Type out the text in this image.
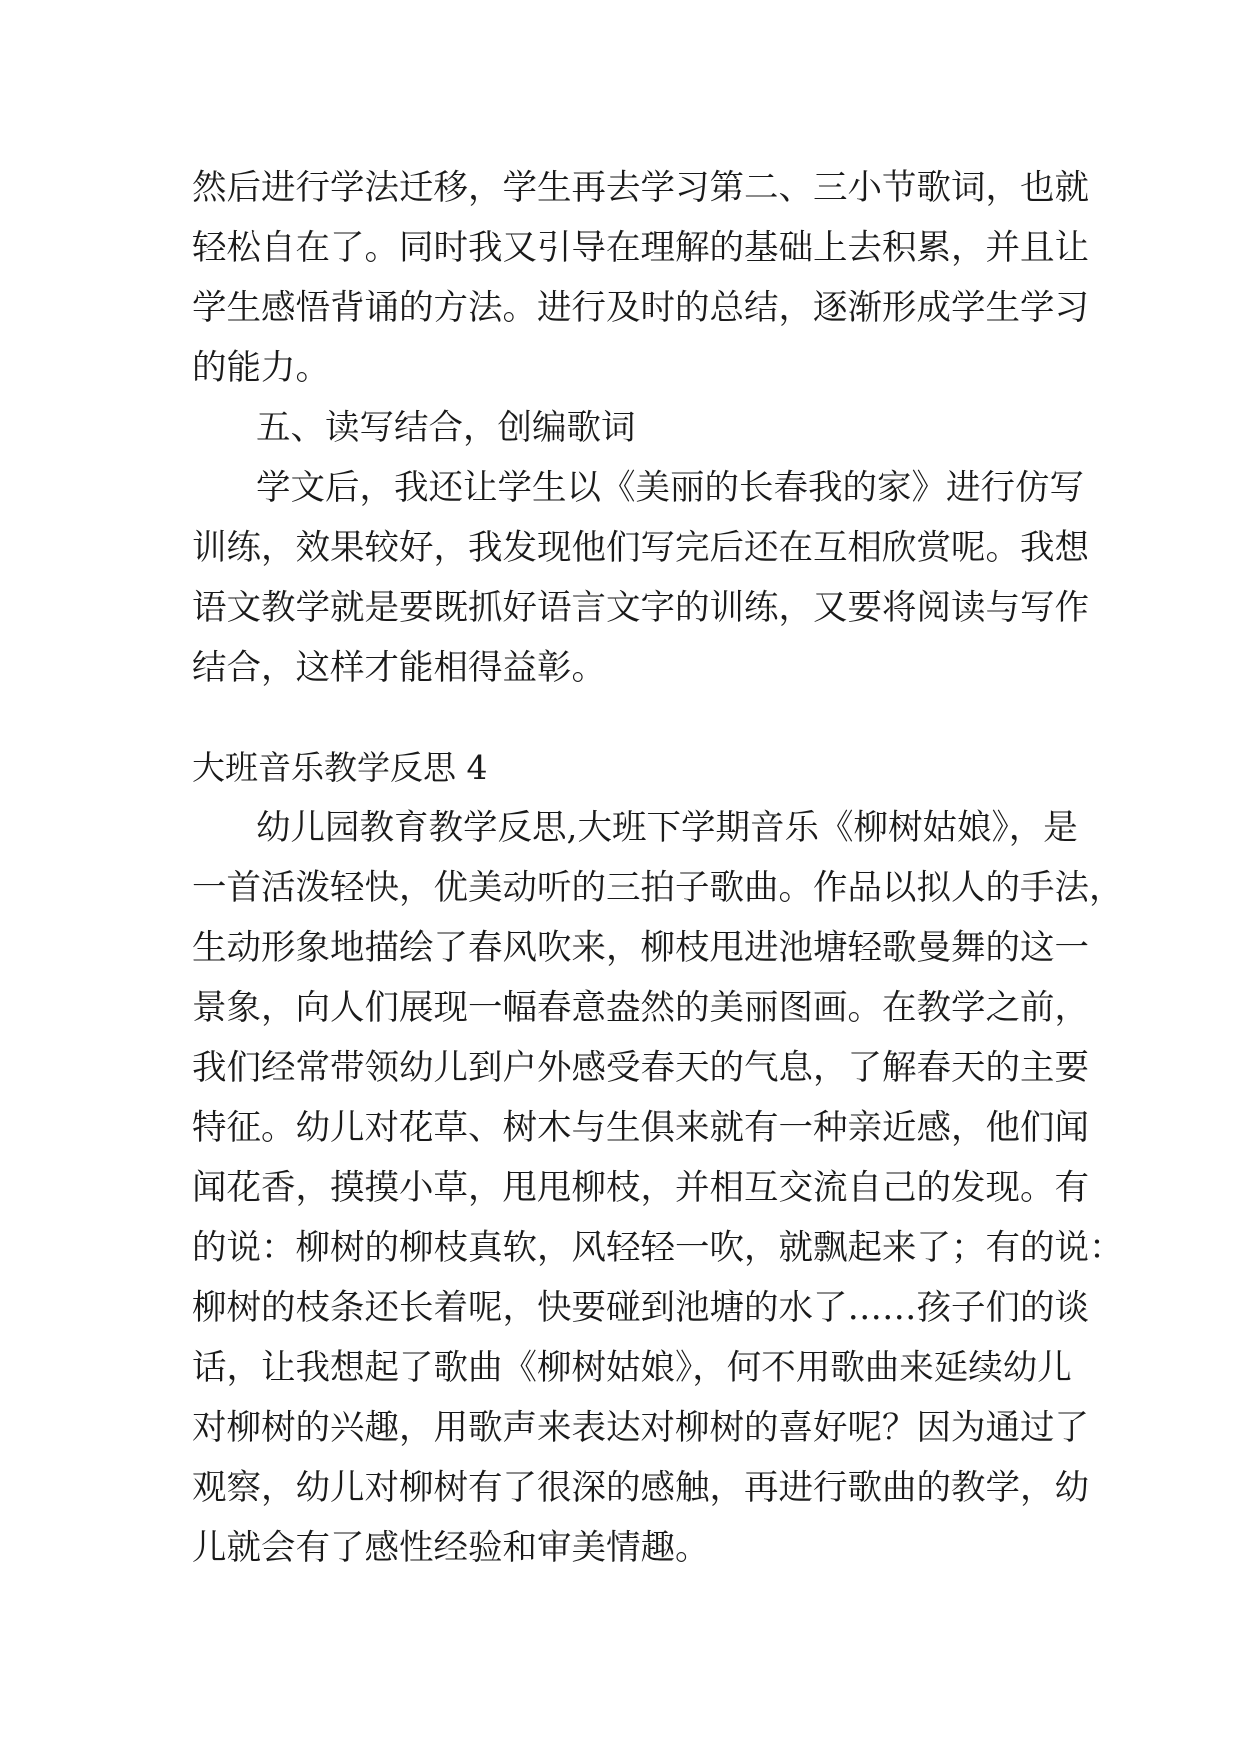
然后进行学法迁移，学生再去学习第二、三小节歌词，也就
轻松自在了。同时我又引导在理解的基础上去积累，并且让
学生感悟背诵的方法。进行及时的总结，逐渐形成学生学习
的能力。
五、读写结合，创编歌词
学文后，我还让学生以《美丽的长春我的家》进行仿写
训练，效果较好，我发现他们写完后还在互相欣赏呢。我想
语文教学就是要既抓好语言文字的训练，又要将阅读与写作
结合，这样才能相得益彰。
大班音乐教学反思 4
幼儿园教育教学反思,大班下学期音乐《柳树姑娘》，是
一首活泼轻快，优美动听的三拍子歌曲。作品以拟人的手法，
生动形象地描绘了春风吹来，柳枝甩进池塘轻歌曼舞的这一
景象，向人们展现一幅春意盎然的美丽图画。在教学之前，
我们经常带领幼儿到户外感受春天的气息，了解春天的主要
特征。幼儿对花草、树木与生俱来就有一种亲近感，他们闻
闻花香，摸摸小草，甩甩柳枝，并相互交流自己的发现。有
的说：柳树的柳枝真软，风轻轻一吹，就飘起来了；有的说：
柳树的枝条还长着呢，快要碰到池塘的水了……孩子们的谈
话，让我想起了歌曲《柳树姑娘》，何不用歌曲来延续幼儿
对柳树的兴趣，用歌声来表达对柳树的喜好呢？因为通过了
观察，幼儿对柳树有了很深的感触，再进行歌曲的教学，幼
儿就会有了感性经验和审美情趣。
